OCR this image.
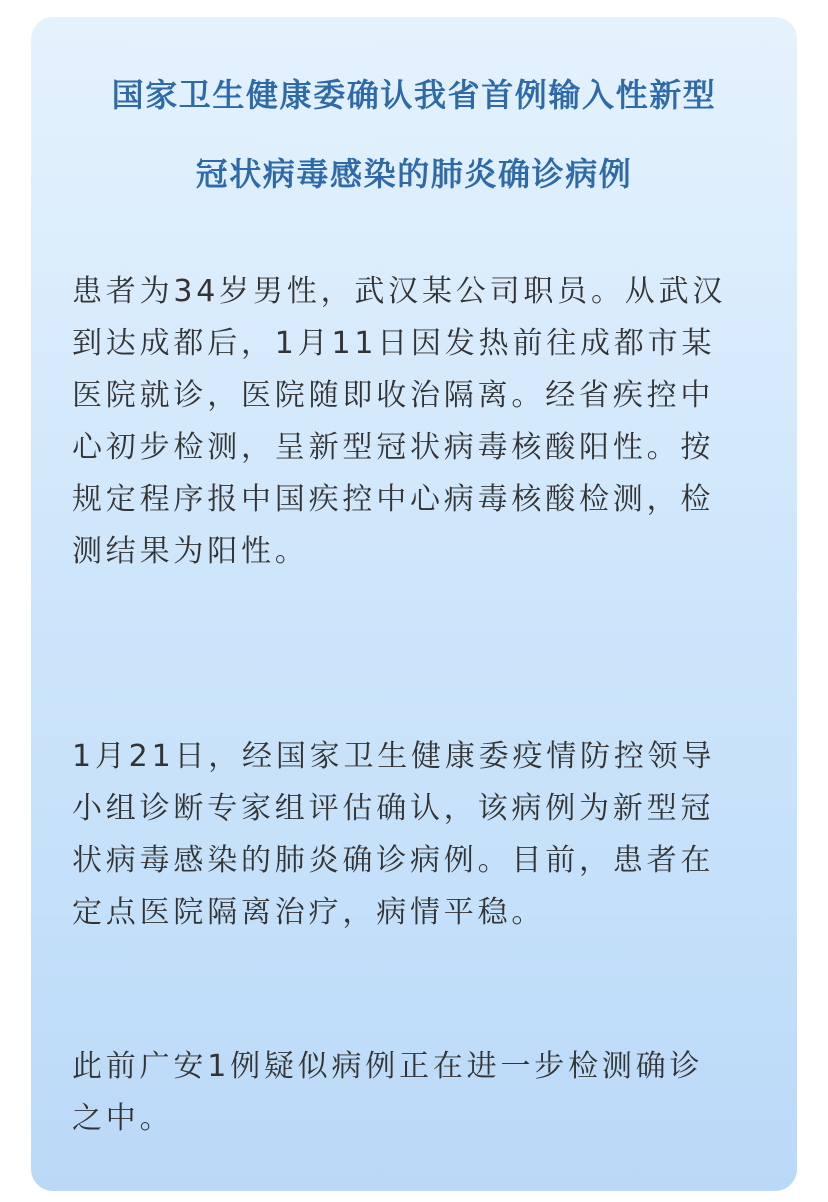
国家卫生健康委确认我省首例输入性新型
冠状病毒感染的肺炎确诊病例

患者为34岁男性，武汉某公司职员。从武汉
到达成都后，1月11日因发热前往成都市某
医院就诊，医院随即收治隔离。经省疾控中
心初步检测，呈新型冠状病毒核酸阳性。按
规定程序报中国疾控中心病毒核酸检测，检
测结果为阳性。

1月21日，经国家卫生健康委疫情防控领导
小组诊断专家组评估确认，该病例为新型冠
状病毒感染的肺炎确诊病例。目前，患者在
定点医院隔离治疗，病情平稳。

此前广安1例疑似病例正在进一步检测确诊
之中。
